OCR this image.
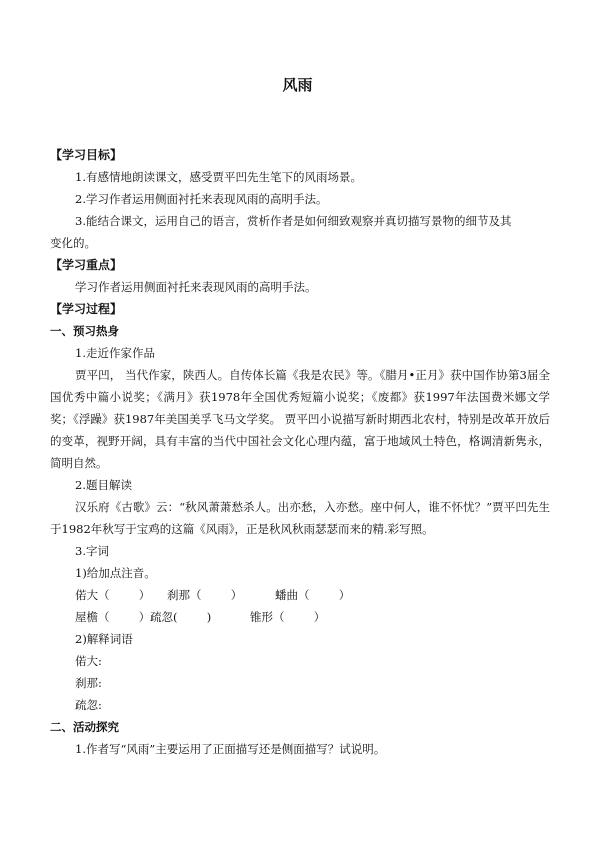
风雨
【学习目标】
1.有感情地朗读课文，感受贾平凹先生笔下的风雨场景。
2.学习作者运用侧面衬托来表现风雨的高明手法。
3.能结合课文，运用自己的语言，赏析作者是如何细致观察并真切描写景物的细节及其
变化的。
【学习重点】
学习作者运用侧面衬托来表现风雨的高明手法。
【学习过程】
一、预习热身
1.走近作家作品
贾平凹， 当代作家，陕西人。自传体长篇《我是农民》等。《腊月•正月》获中国作协第3届全国优秀中篇小说奖；《满月》获1978年全国优秀短篇小说奖；《废都》获1997年法国费米娜文学奖；《浮躁》获1987年美国美孚飞马文学奖。 贾平凹小说描写新时期西北农村，特别是改革开放后的变革，视野开阔，具有丰富的当代中国社会文化心理内蕴，富于地域风土特色，格调清新隽永，简明自然。
2.题目解读
汉乐府《古歌》云：“秋风萧萧愁杀人。出亦愁，入亦愁。座中何人，谁不怀忧？”贾平凹先生于1982年秋写于宝鸡的这篇《风雨》，正是秋风秋雨瑟瑟而来的精.彩写照。
3.字词
1)给加点注音。
偌大（        ）	刹那（        ）	蟠曲（        ）
屋檐（        ） 疏忽(        )	锥形（        ）
2)解释词语
偌大:
刹那:
疏忽:
二、活动探究
1.作者写“风雨”主要运用了正面描写还是侧面描写？试说明。
